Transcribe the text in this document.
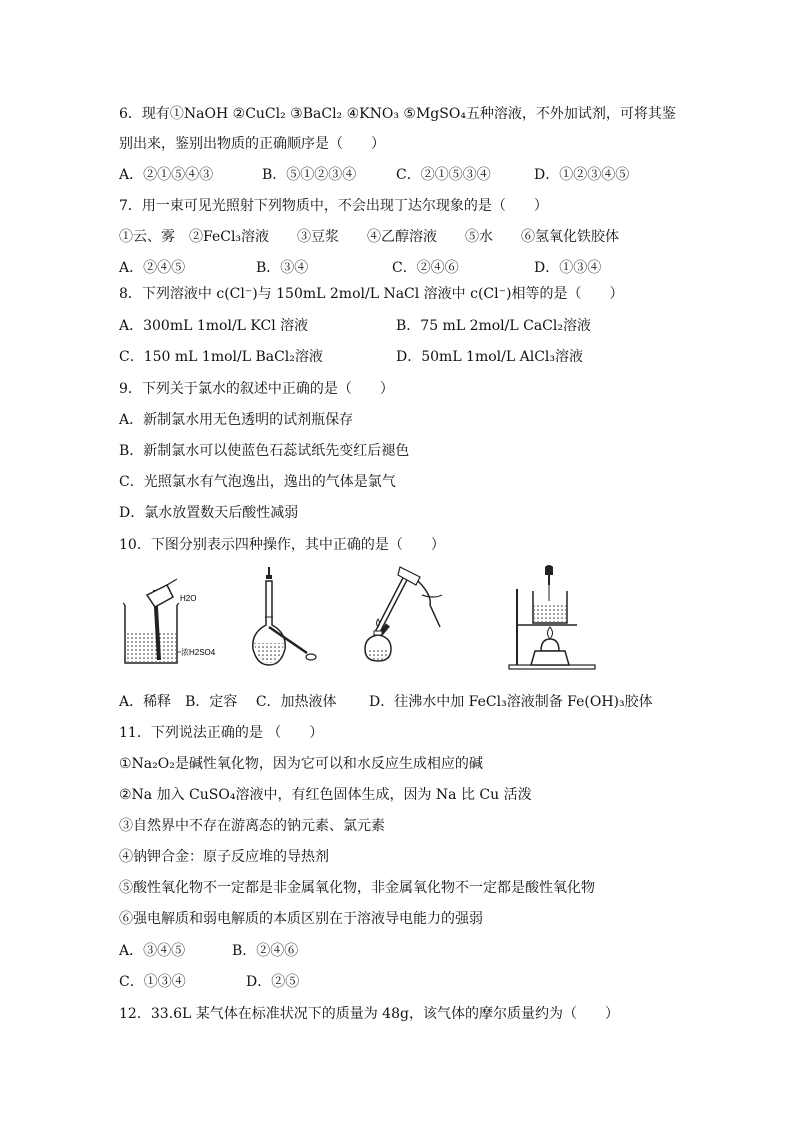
6．现有①NaOH ②CuCl₂ ③BaCl₂ ④KNO₃ ⑤MgSO₄五种溶液，不外加试剂，可将其鉴
别出来，鉴别出物质的正确顺序是（　　）
A．②①⑤④③	B．⑤①②③④	C．②①⑤③④	D．①②③④⑤
7．用一束可见光照射下列物质中，不会出现丁达尔现象的是（　　）
①云、雾　②FeCl₃溶液　　③豆浆　　④乙醇溶液　　⑤水　　⑥氢氧化铁胶体
A．②④⑤	B．③④	C．②④⑥	D．①③④
8．下列溶液中 c(Cl⁻)与 150mL 2mol/L NaCl 溶液中 c(Cl⁻)相等的是（　　）
A．300mL 1mol/L KCl 溶液	B．75 mL 2mol/L CaCl₂溶液
C．150 mL 1mol/L BaCl₂溶液	D．50mL 1mol/L AlCl₃溶液
9．下列关于氯水的叙述中正确的是（　　）
A．新制氯水用无色透明的试剂瓶保存
B．新制氯水可以使蓝色石蕊试纸先变红后褪色
C．光照氯水有气泡逸出，逸出的气体是氯气
D．氯水放置数天后酸性减弱
10．下图分别表示四种操作，其中正确的是（　　）
H2O
浓H2SO4
A．稀释　B．定容　 C．加热液体　　 D．往沸水中加 FeCl₃溶液制备 Fe(OH)₃胶体
11．下列说法正确的是 （　　）
①Na₂O₂是碱性氧化物，因为它可以和水反应生成相应的碱
②Na 加入 CuSO₄溶液中，有红色固体生成，因为 Na 比 Cu 活泼
③自然界中不存在游离态的钠元素、氯元素
④钠钾合金：原子反应堆的导热剂
⑤酸性氧化物不一定都是非金属氧化物，非金属氧化物不一定都是酸性氧化物
⑥强电解质和弱电解质的本质区别在于溶液导电能力的强弱
A．③④⑤	B．②④⑥
C．①③④	D．②⑤
12．33.6L 某气体在标准状况下的质量为 48g，该气体的摩尔质量约为（　　）
